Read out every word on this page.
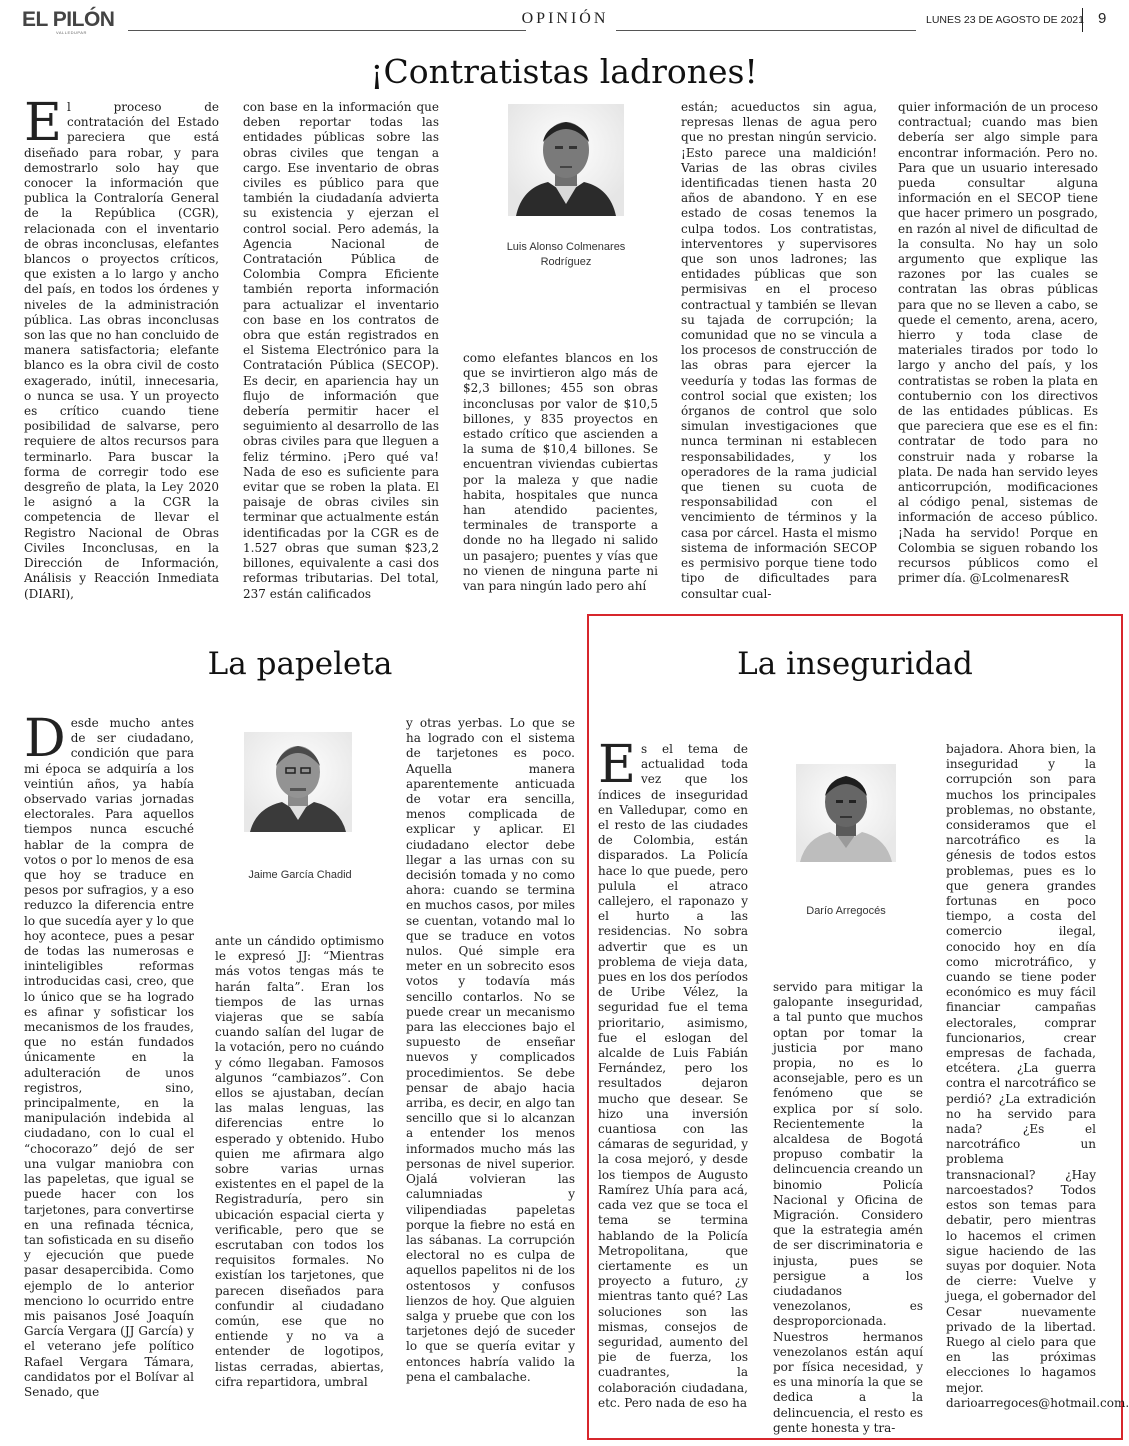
EL PILÓN
VALLEDUPAR
OPINIÓN	LUNES 23 DE AGOSTO DE 2021 9
¡Contratistas ladrones!
E l proceso de contratación del Estado pareciera que está diseñado para robar, y para demostrarlo solo hay que conocer la información que publica la Contraloría General de la República (CGR), relacionada con el inventario de obras inconclusas, elefantes blancos o proyectos críticos, que existen a lo largo y ancho del país, en todos los órdenes y niveles de la administración pública. Las obras inconclusas son las que no han concluido de manera satisfactoria; elefante blanco es la obra civil de costo exagerado, inútil, innecesaria, o nunca se usa. Y un proyecto es crítico cuando tiene posibilidad de salvarse, pero requiere de altos recursos para terminarlo. Para buscar la forma de corregir todo ese desgreño de plata, la Ley 2020 le asignó a la CGR la competencia de llevar el Registro Nacional de Obras Civiles Inconclusas, en la Dirección de Información, Análisis y Reacción Inmediata (DIARI),
con base en la información que deben reportar todas las entidades públicas sobre las obras civiles que tengan a cargo. Ese inventario de obras civiles es público para que también la ciudadanía advierta su existencia y ejerzan el control social. Pero además, la Agencia Nacional de Contratación Pública de Colombia Compra Eficiente también reporta información para actualizar el inventario con base en los contratos de obra que están registrados en el Sistema Electrónico para la Contratación Pública (SECOP). Es decir, en apariencia hay un flujo de información que debería permitir hacer el seguimiento al desarrollo de las obras civiles para que lleguen a feliz término. ¡Pero qué va! Nada de eso es suficiente para evitar que se roben la plata. El paisaje de obras civiles sin terminar que actualmente están identificadas por la CGR es de 1.527 obras que suman $23,2 billones, equivalente a casi dos reformas tributarias. Del total, 237 están calificados
Luis Alonso Colmenares Rodríguez
como elefantes blancos en los que se invirtieron algo más de $2,3 billones; 455 son obras inconclusas por valor de $10,5 billones, y 835 proyectos en estado crítico que ascienden a la suma de $10,4 billones. Se encuentran viviendas cubiertas por la maleza y que nadie habita, hospitales que nunca han atendido pacientes, terminales de transporte a donde no ha llegado ni salido un pasajero; puentes y vías que no vienen de ninguna parte ni van para ningún lado pero ahí
están; acueductos sin agua, represas llenas de agua pero que no prestan ningún servicio. ¡Esto parece una maldición! Varias de las obras civiles identificadas tienen hasta 20 años de abandono. Y en ese estado de cosas tenemos la culpa todos. Los contratistas, interventores y supervisores que son unos ladrones; las entidades públicas que son permisivas en el proceso contractual y también se llevan su tajada de corrupción; la comunidad que no se vincula a los procesos de construcción de las obras para ejercer la veeduría y todas las formas de control social que existen; los órganos de control que solo simulan investigaciones que nunca terminan ni establecen responsabilidades, y los operadores de la rama judicial que tienen su cuota de responsabilidad con el vencimiento de términos y la casa por cárcel. Hasta el mismo sistema de información SECOP es permisivo porque tiene todo tipo de dificultades para consultar cual-
quier información de un proceso contractual; cuando mas bien debería ser algo simple para encontrar información. Pero no. Para que un usuario interesado pueda consultar alguna información en el SECOP tiene que hacer primero un posgrado, en razón al nivel de dificultad de la consulta. No hay un solo argumento que explique las razones por las cuales se contratan las obras públicas para que no se lleven a cabo, se quede el cemento, arena, acero, hierro y toda clase de materiales tirados por todo lo largo y ancho del país, y los contratistas se roben la plata en contubernio con los directivos de las entidades públicas. Es que pareciera que ese es el fin: contratar de todo para no construir nada y robarse la plata. De nada han servido leyes anticorrupción, modificaciones al código penal, sistemas de información de acceso público. ¡Nada ha servido! Porque en Colombia se siguen robando los recursos públicos como el primer día. @LcolmenaresR
La papeleta
D esde mucho antes de ser ciudadano, condición que para mi época se adquiría a los veintiún años, ya había observado varias jornadas electorales. Para aquellos tiempos nunca escuché hablar de la compra de votos o por lo menos de esa que hoy se traduce en pesos por sufragios, y a eso reduzco la diferencia entre lo que sucedía ayer y lo que hoy acontece, pues a pesar de todas las numerosas e ininteligibles reformas introducidas casi, creo, que lo único que se ha logrado es afinar y sofisticar los mecanismos de los fraudes, que no están fundados únicamente en la adulteración de unos registros, sino, principalmente, en la manipulación indebida al ciudadano, con lo cual el “chocorazo” dejó de ser una vulgar maniobra con las papeletas, que igual se puede hacer con los tarjetones, para convertirse en una refinada técnica, tan sofisticada en su diseño y ejecución que puede pasar desapercibida. Como ejemplo de lo anterior menciono lo ocurrido entre mis paisanos José Joaquín García Vergara (JJ García) y el veterano jefe político Rafael Vergara Támara, candidatos por el Bolívar al Senado, que
Jaime García Chadid
ante un cándido optimismo le expresó JJ: “Mientras más votos tengas más te harán falta”. Eran los tiempos de las urnas viajeras que se sabía cuando salían del lugar de la votación, pero no cuándo y cómo llegaban. Famosos algunos “cambiazos”. Con ellos se ajustaban, decían las malas lenguas, las diferencias entre lo esperado y obtenido. Hubo quien me afirmara algo sobre varias urnas existentes en el papel de la Registraduría, pero sin ubicación espacial cierta y verificable, pero que se escrutaban con todos los requisitos formales. No existían los tarjetones, que parecen diseñados para confundir al ciudadano común, ese que no entiende y no va a entender de logotipos, listas cerradas, abiertas, cifra repartidora, umbral
y otras yerbas. Lo que se ha logrado con el sistema de tarjetones es poco. Aquella manera aparentemente anticuada de votar era sencilla, menos complicada de explicar y aplicar. El ciudadano elector debe llegar a las urnas con su decisión tomada y no como ahora: cuando se termina en muchos casos, por miles se cuentan, votando mal lo que se traduce en votos nulos. Qué simple era meter en un sobrecito esos votos y todavía más sencillo contarlos. No se puede crear un mecanismo para las elecciones bajo el supuesto de enseñar nuevos y complicados procedimientos. Se debe pensar de abajo hacia arriba, es decir, en algo tan sencillo que si lo alcanzan a entender los menos informados mucho más las personas de nivel superior. Ojalá volvieran las calumniadas y vilipendiadas papeletas porque la fiebre no está en las sábanas. La corrupción electoral no es culpa de aquellos papelitos ni de los ostentosos y confusos lienzos de hoy. Que alguien salga y pruebe que con los tarjetones dejó de suceder lo que se quería evitar y entonces habría valido la pena el cambalache.
La inseguridad
E s el tema de actualidad toda vez que los índices de inseguridad en Valledupar, como en el resto de las ciudades de Colombia, están disparados. La Policía hace lo que puede, pero pulula el atraco callejero, el raponazo y el hurto a las residencias. No sobra advertir que es un problema de vieja data, pues en los dos períodos de Uribe Vélez, la seguridad fue el tema prioritario, asimismo, fue el eslogan del alcalde de Luis Fabián Fernández, pero los resultados dejaron mucho que desear. Se hizo una inversión cuantiosa con las cámaras de seguridad, y la cosa mejoró, y desde los tiempos de Augusto Ramírez Uhía para acá, cada vez que se toca el tema se termina hablando de la Policía Metropolitana, que ciertamente es un proyecto a futuro, ¿y mientras tanto qué? Las soluciones son las mismas, consejos de seguridad, aumento del pie de fuerza, los cuadrantes, la colaboración ciudadana, etc. Pero nada de eso ha
Darío Arregocés
servido para mitigar la galopante inseguridad, a tal punto que muchos optan por tomar la justicia por mano propia, no es lo aconsejable, pero es un fenómeno que se explica por sí solo. Recientemente la alcaldesa de Bogotá propuso combatir la delincuencia creando un binomio Policía Nacional y Oficina de Migración. Considero que la estrategia amén de ser discriminatoria e injusta, pues se persigue a los ciudadanos venezolanos, es desproporcionada. Nuestros hermanos venezolanos están aquí por física necesidad, y es una minoría la que se dedica a la delincuencia, el resto es gente honesta y tra-
bajadora. Ahora bien, la inseguridad y la corrupción son para muchos los principales problemas, no obstante, consideramos que el narcotráfico es la génesis de todos estos problemas, pues es lo que genera grandes fortunas en poco tiempo, a costa del comercio ilegal, conocido hoy en día como microtráfico, y cuando se tiene poder económico es muy fácil financiar campañas electorales, comprar funcionarios, crear empresas de fachada, etcétera. ¿La guerra contra el narcotráfico se perdió? ¿La extradición no ha servido para nada? ¿Es el narcotráfico un problema transnacional? ¿Hay narcoestados? Todos estos son temas para debatir, pero mientras lo hacemos el crimen sigue haciendo de las suyas por doquier. Nota de cierre: Vuelve y juega, el gobernador del Cesar nuevamente privado de la libertad. Ruego al cielo para que en las próximas elecciones lo hagamos mejor. darioarregoces@hotmail.com.
